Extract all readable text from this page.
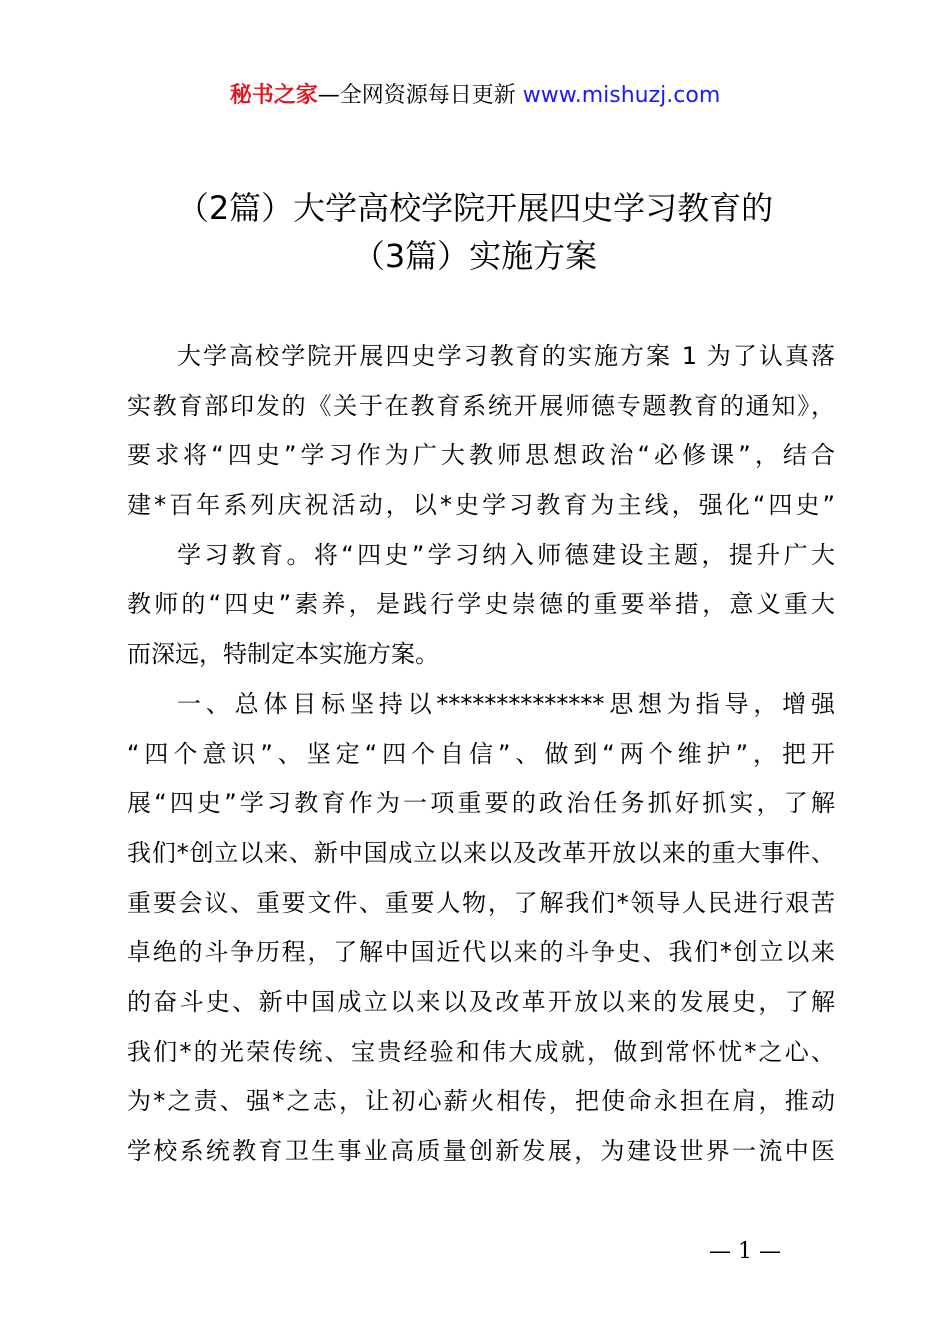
秘书之家—全网资源每日更新 www.mishuzj.com
（2篇）大学高校学院开展四史学习教育的
（3篇）实施方案
大学高校学院开展四史学习教育的实施方案 1 为了认真落
实教育部印发的《关于在教育系统开展师德专题教育的通知》，
要求将“四史”学习作为广大教师思想政治“必修课”，结合
建*百年系列庆祝活动，以*史学习教育为主线，强化“四史”
学习教育。将“四史”学习纳入师德建设主题，提升广大
教师的“四史”素养，是践行学史崇德的重要举措，意义重大
而深远，特制定本实施方案。
一、总体目标坚持以**************思想为指导，增强
“四个意识”、坚定“四个自信”、做到“两个维护”，把开
展“四史”学习教育作为一项重要的政治任务抓好抓实，了解
我们*创立以来、新中国成立以来以及改革开放以来的重大事件、
重要会议、重要文件、重要人物，了解我们*领导人民进行艰苦
卓绝的斗争历程，了解中国近代以来的斗争史、我们*创立以来
的奋斗史、新中国成立以来以及改革开放以来的发展史，了解
我们*的光荣传统、宝贵经验和伟大成就，做到常怀忧*之心、
为*之责、强*之志，让初心薪火相传，把使命永担在肩，推动
学校系统教育卫生事业高质量创新发展，为建设世界一流中医
— 1 —
